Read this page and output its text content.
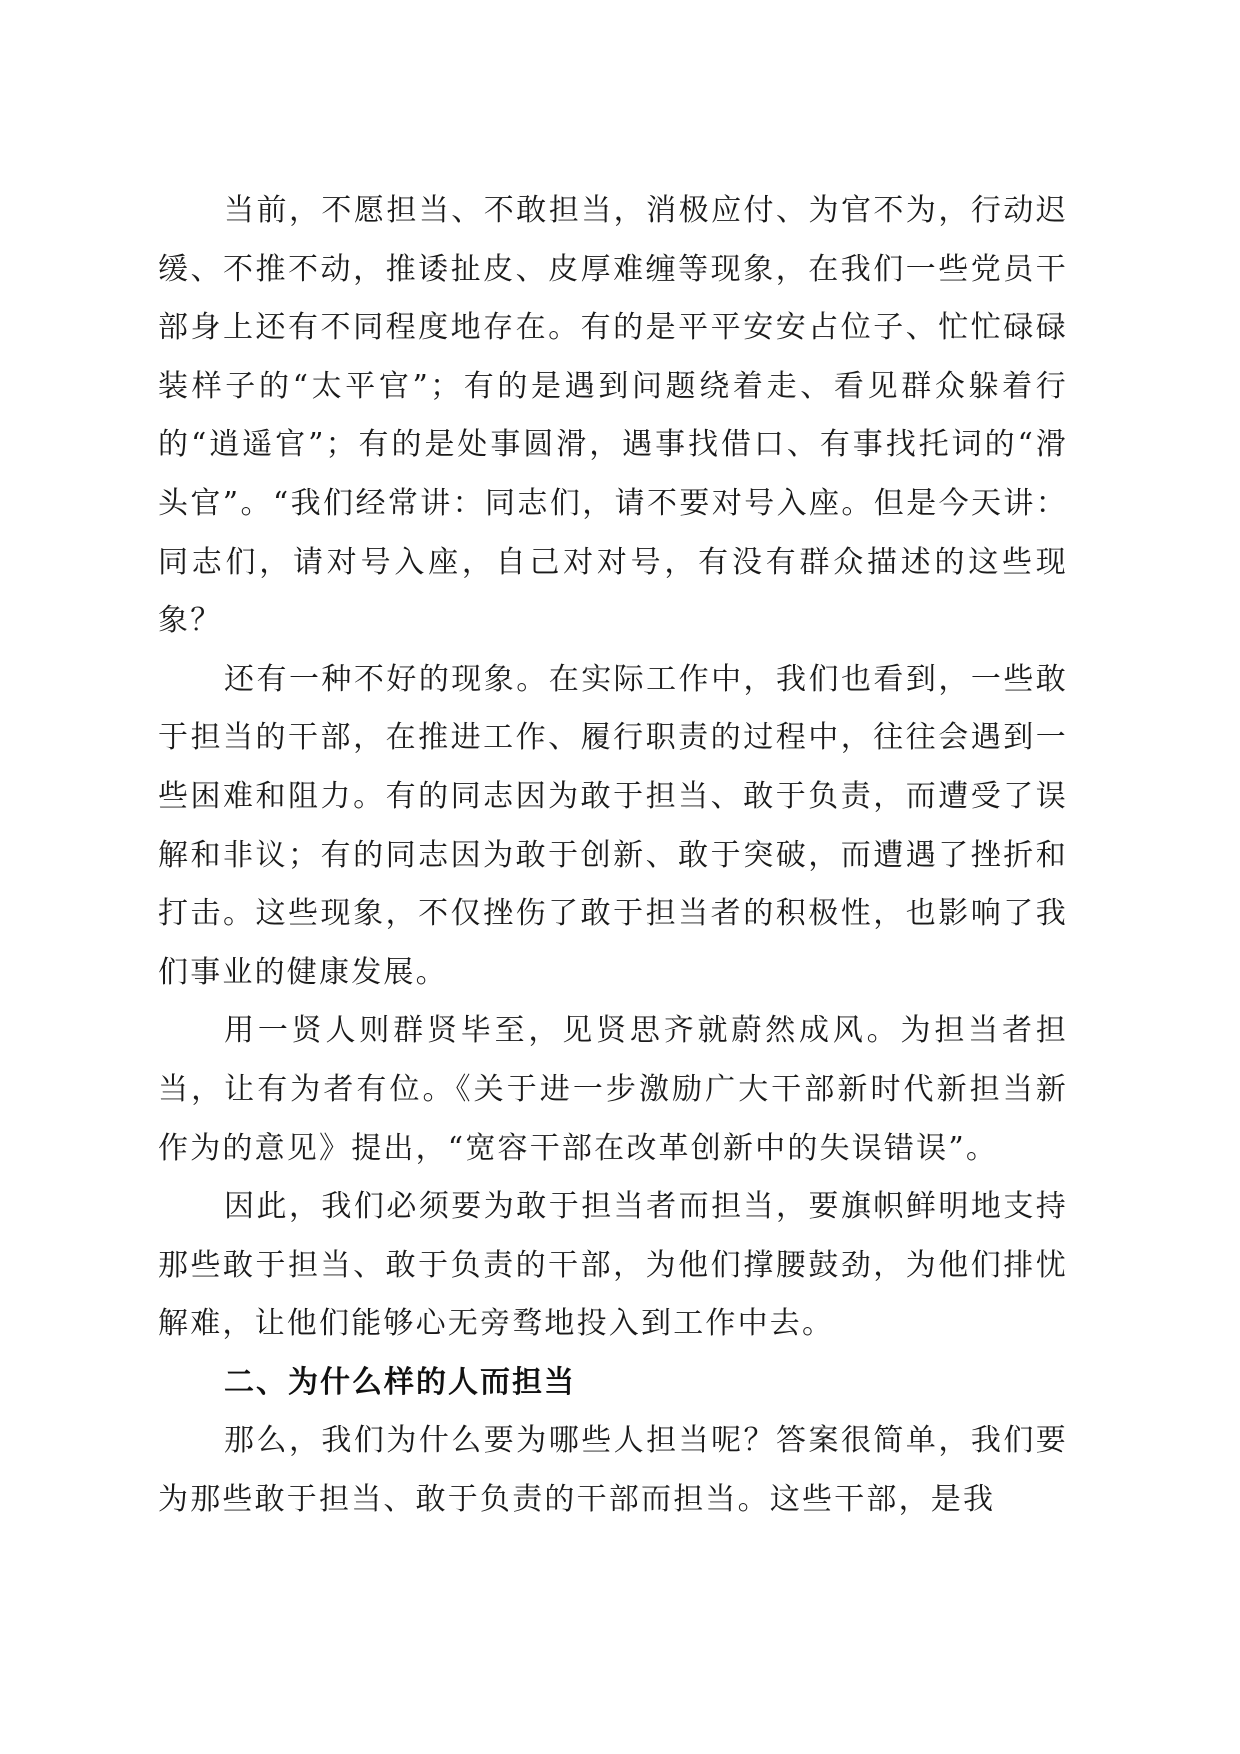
当前，不愿担当、不敢担当，消极应付、为官不为，行动迟缓、不推不动，推诿扯皮、皮厚难缠等现象，在我们一些党员干部身上还有不同程度地存在。有的是平平安安占位子、忙忙碌碌装样子的“太平官”；有的是遇到问题绕着走、看见群众躲着行的“逍遥官”；有的是处事圆滑，遇事找借口、有事找托词的“滑头官”。“我们经常讲：同志们，请不要对号入座。但是今天讲：同志们，请对号入座，自己对对号，有没有群众描述的这些现象？

还有一种不好的现象。在实际工作中，我们也看到，一些敢于担当的干部，在推进工作、履行职责的过程中，往往会遇到一些困难和阻力。有的同志因为敢于担当、敢于负责，而遭受了误解和非议；有的同志因为敢于创新、敢于突破，而遭遇了挫折和打击。这些现象，不仅挫伤了敢于担当者的积极性，也影响了我们事业的健康发展。

用一贤人则群贤毕至，见贤思齐就蔚然成风。为担当者担当，让有为者有位。《关于进一步激励广大干部新时代新担当新作为的意见》提出，“宽容干部在改革创新中的失误错误”。

因此，我们必须要为敢于担当者而担当，要旗帜鲜明地支持那些敢于担当、敢于负责的干部，为他们撑腰鼓劲，为他们排忧解难，让他们能够心无旁骛地投入到工作中去。

二、为什么样的人而担当

那么，我们为什么要为哪些人担当呢？答案很简单，我们要为那些敢于担当、敢于负责的干部而担当。这些干部，是我
